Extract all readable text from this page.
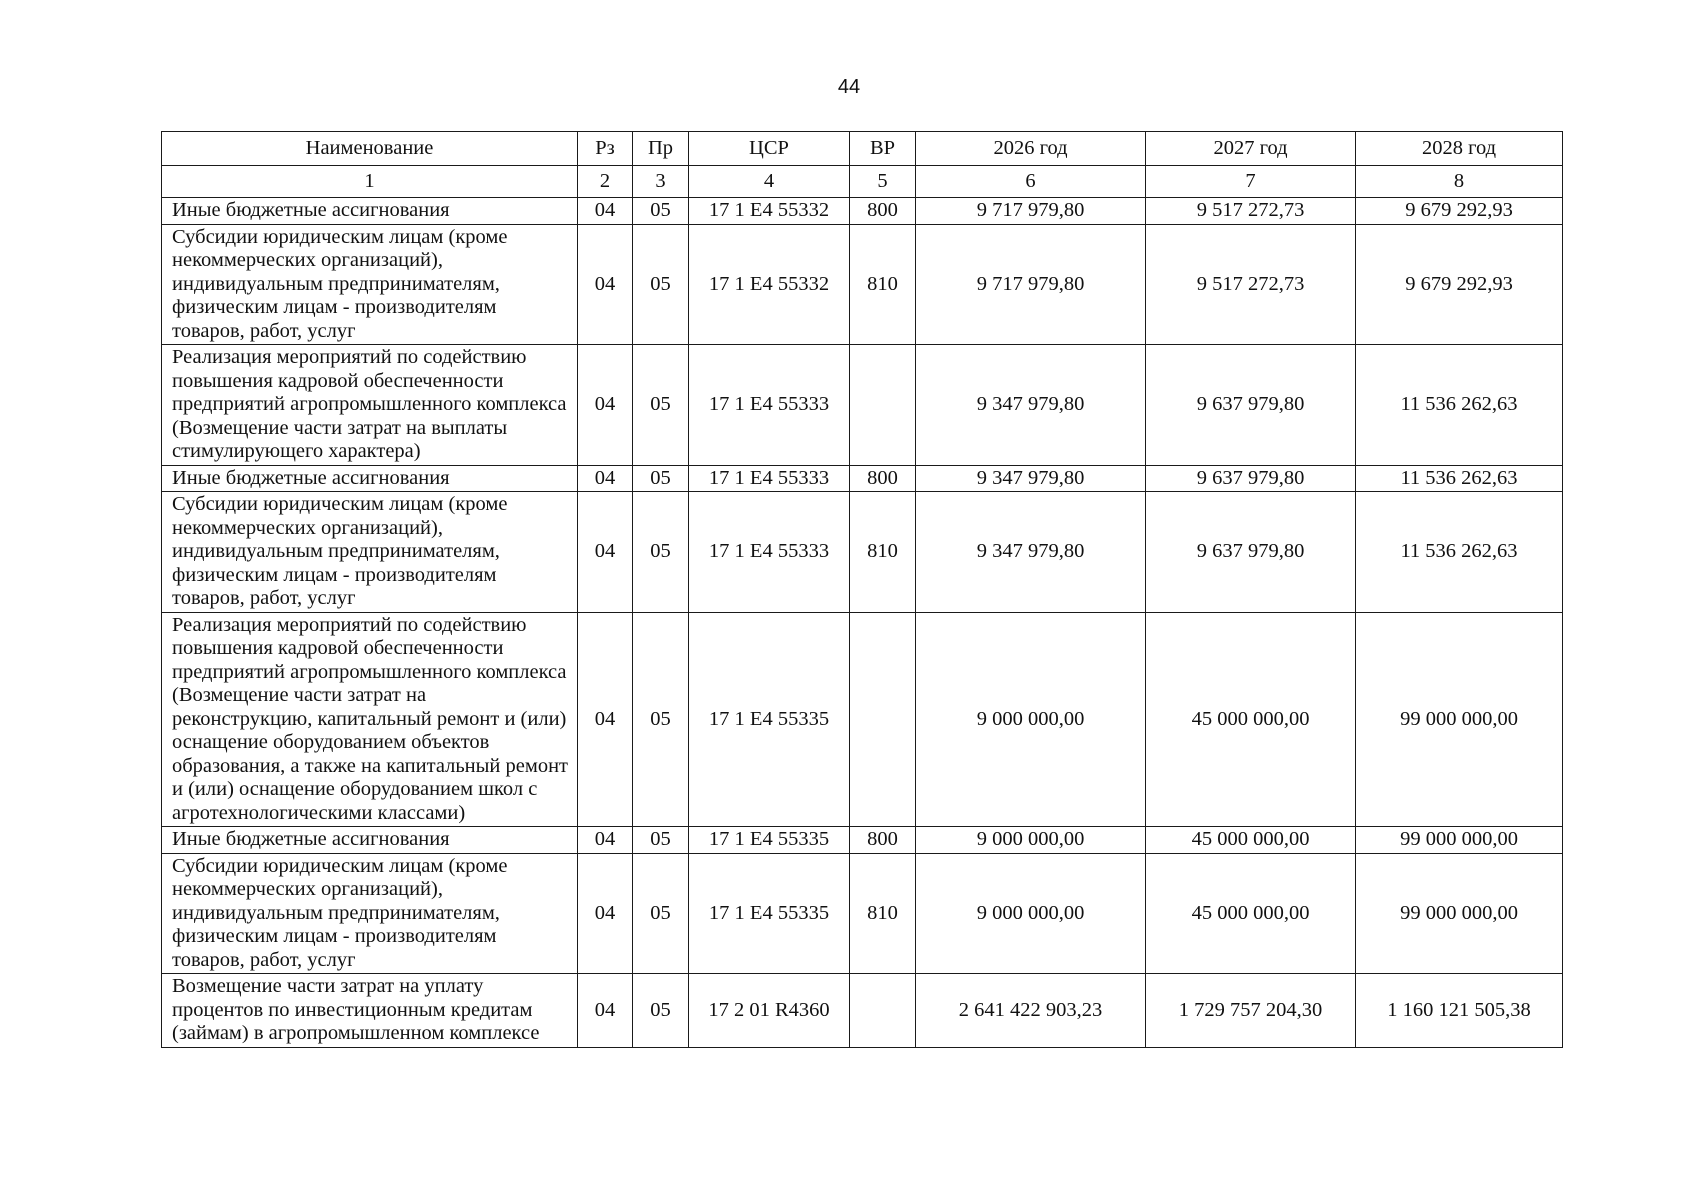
44
Наименование	Рз	Пр	ЦСР	ВР	2026 год	2027 год	2028 год
1	2	3	4	5	6	7	8
Иные бюджетные ассигнования	04	05	17 1 E4 55332	800	9 717 979,80	9 517 272,73	9 679 292,93
Субсидии юридическим лицам (кроме некоммерческих организаций), индивидуальным предпринимателям, физическим лицам - производителям товаров, работ, услуг	04	05	17 1 E4 55332	810	9 717 979,80	9 517 272,73	9 679 292,93
Реализация мероприятий по содействию повышения кадровой обеспеченности предприятий агропромышленного комплекса (Возмещение части затрат на выплаты стимулирующего характера)	04	05	17 1 E4 55333		9 347 979,80	9 637 979,80	11 536 262,63
Иные бюджетные ассигнования	04	05	17 1 E4 55333	800	9 347 979,80	9 637 979,80	11 536 262,63
Субсидии юридическим лицам (кроме некоммерческих организаций), индивидуальным предпринимателям, физическим лицам - производителям товаров, работ, услуг	04	05	17 1 E4 55333	810	9 347 979,80	9 637 979,80	11 536 262,63
Реализация мероприятий по содействию повышения кадровой обеспеченности предприятий агропромышленного комплекса (Возмещение части затрат на реконструкцию, капитальный ремонт и (или) оснащение оборудованием объектов образования, а также на капитальный ремонт и (или) оснащение оборудованием школ с агротехнологическими классами)	04	05	17 1 E4 55335		9 000 000,00	45 000 000,00	99 000 000,00
Иные бюджетные ассигнования	04	05	17 1 E4 55335	800	9 000 000,00	45 000 000,00	99 000 000,00
Субсидии юридическим лицам (кроме некоммерческих организаций), индивидуальным предпринимателям, физическим лицам - производителям товаров, работ, услуг	04	05	17 1 E4 55335	810	9 000 000,00	45 000 000,00	99 000 000,00
Возмещение части затрат на уплату процентов по инвестиционным кредитам (займам) в агропромышленном комплексе	04	05	17 2 01 R4360		2 641 422 903,23	1 729 757 204,30	1 160 121 505,38
